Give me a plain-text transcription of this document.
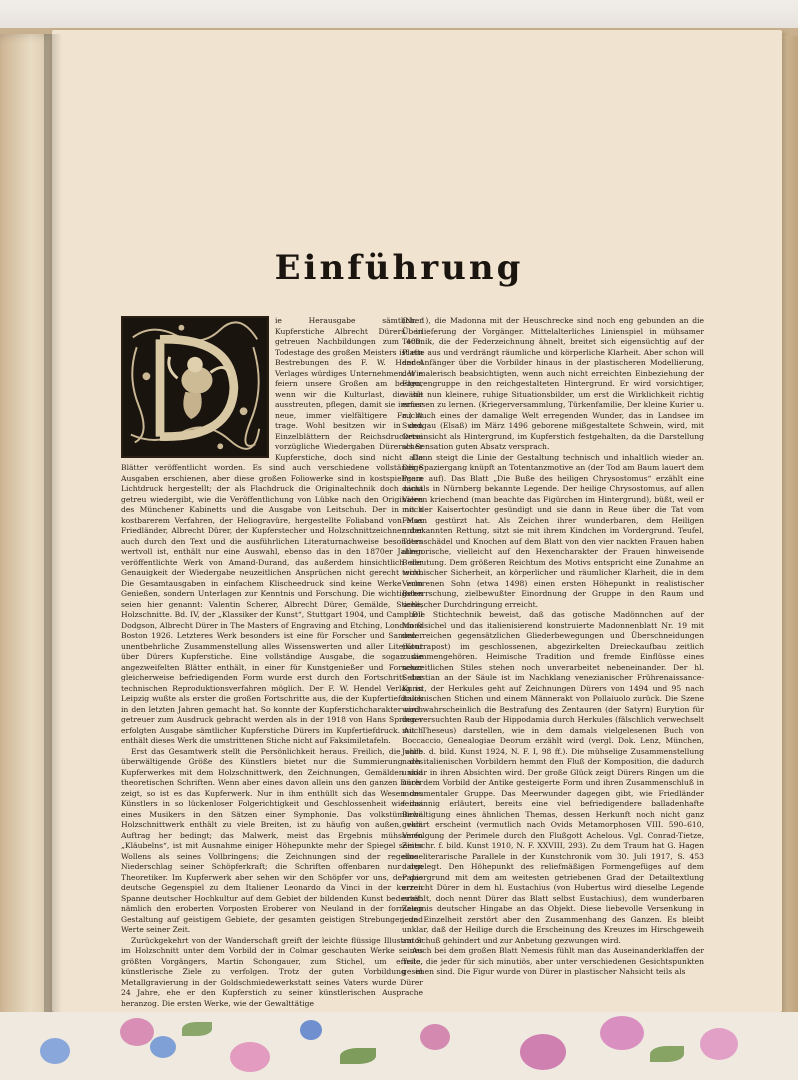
Einführung

ie Herausgabe sämtlicher Kupferstiche Albrecht Dürers in getreuen Nachbildungen zum 400. Todestage des großen Meisters ist ein Bestrebungen des F. W. Hendel Verlages würdiges Unternehmen. Wie feiern unsere Großen am besten, wenn wir die Kulturlast, die sie ausstreuten, pflegen, damit sie immer neue, immer vielfältigere Frucht trage. Wohl besitzen wir in den Einzelblättern der Reichsdruckerei vorzügliche Wiedergaben Dürerscher Kupferstiche, doch sind nicht alle Blätter veröffentlicht worden. Es sind auch verschiedene vollständige Ausgaben erschienen, aber diese großen Foliowerke sind in kostspieligem Lichtdruck hergestellt; der als Flachdruck die Originaltechnik doch nicht getreu wiedergibt, wie die Veröffentlichung von Lübke nach den Originalen des Münchener Kabinetts und die Ausgabe von Leitschuh. Der in noch kostbarerem Verfahren, der Heliogravüre, hergestellte Foliaband von Max Friedländer, Albrecht Dürer, der Kupferstecher und Holzschnittzeichner, der auch durch den Text und die ausführlichen Literaturnachweise besonders wertvoll ist, enthält nur eine Auswahl, ebenso das in den 1870er Jahren veröffentlichte Werk von Amand-Durand, das außerdem hinsichtlich der Genauigkeit der Wiedergabe neuzeitlichen Ansprüchen nicht gerecht wird. Die Gesamtausgaben in einfachem Klischeedruck sind keine Werke zum Genießen, sondern Unterlagen zur Kenntnis und Forschung. Die wichtigsten seien hier genannt: Valentin Scherer, Albrecht Dürer, Gemälde, Stiche, Holzschnitte. Bd. IV, der „Klassiker der Kunst“, Stuttgart 1904, und Campbell Dodgson, Albrecht Dürer in The Masters of Engraving and Etching, London & Boston 1926. Letzteres Werk besonders ist eine für Forscher und Sammler unentbehrliche Zusammenstellung alles Wissenswerten und aller Literatur über Dürers Kupferstiche. Eine vollständige Ausgabe, die sogar die angezweifelten Blätter enthält, in einer für Kunstgenießer und Forscher gleicherweise befriedigenden Form wurde erst durch den Fortschritt der technischen Reproduktionsverfahren möglich. Der F. W. Hendel Verlag in Leipzig wußte als erster die großen Fortschritte aus, die der Kupfertiefdruck in den letzten Jahren gemacht hat. So konnte der Kupferstichcharakter noch getreuer zum Ausdruck gebracht werden als in der 1918 von Hans Springer erfolgten Ausgabe sämtlicher Kupferstiche Dürers im Kupfertiefdruck. Auch enthält dieses Werk die umstrittenen Stiche nicht auf Faksimiletafeln.

Erst das Gesamtwerk stellt die Persönlichkeit heraus. Freilich, die volle überwältigende Größe des Künstlers bietet nur die Summierung des Kupferwerkes mit dem Holzschnittwerk, den Zeichnungen, Gemälden und theoretischen Schriften. Wenn aber eines davon allein uns den ganzen Dürer zeigt, so ist es das Kupferwerk. Nur in ihm enthüllt sich das Wesen des Künstlers in so lückenloser Folgerichtigkeit und Geschlossenheit wie das eines Musikers in den Sätzen einer Symphonie. Das volkstümliche Holzschnittwerk enthält zu viele Breiten, ist zu häufig von außen, vom Auftrag her bedingt; das Malwerk, meist das Ergebnis mühsamen „Kläubelns“, ist mit Ausnahme einiger Höhepunkte mehr der Spiegel seines Wollens als seines Vollbringens; die Zeichnungen sind der regellose Niederschlag seiner Schöpferkraft; die Schriften offenbaren nur den Theoretiker. Im Kupferwerk aber sehen wir den Schöpfer vor uns, der das deutsche Gegenspiel zu dem Italiener Leonardo da Vinci in der kurzen Spanne deutscher Hochkultur auf dem Gebiet der bildenden Kunst bedeutet: nämlich den eroberten Vorposten Eroberer von Neuland in der formalen Gestaltung auf geistigem Gebiete, der gesamten geistigen Strebungen und Werte seiner Zeit.

Zurückgekehrt von der Wanderschaft greift der leichte flüssige Illustrator im Holzschnitt unter dem Vorbild der in Colmar geschauten Werke seines größten Vorgängers, Martin Schongauer, zum Stichel, um ernste, künstlerische Ziele zu verfolgen. Trotz der guten Vorbildung in Metallgravierung in der Goldschmiedewerkstatt seines Vaters wurde Dürer 24 Jahre, ehe er den Kupferstich zu seiner künstlerischen Ausprache heranzog. Die ersten Werke, wie der Gewalttätige

(Nr. 1), die Madonna mit der Heuschrecke sind noch eng gebunden an die Überlieferung der Vorgänger. Mittelalterliches Linienspiel in mühsamer Technik, die der Federzeichnung ähnelt, breitet sich eigensüchtig auf der Platte aus und verdrängt räumliche und körperliche Klarheit. Aber schon will der Anfänger über die Vorbilder hinaus in der plastischeren Modellierung, der malerisch beabsichtigten, wenn auch nicht erreichten Einbeziehung der Figurengruppe in den reichgestalteten Hintergrund. Er wird vorsichtiger, wählt nun kleinere, ruhige Situationsbilder, um erst die Wirklichkeit richtig erfassen zu lernen. (Kriegerversammlung, Türkenfamilie, Der kleine Kurier u. a.) Auch eines der damalige Welt erregenden Wunder, das in Landsee im Sundgau (Elsaß) im März 1496 geborene mißgestaltete Schwein, wird, mit Ortsansicht als Hintergrund, im Kupferstich festgehalten, da die Darstellung als Sensation guten Absatz versprach.

Dann steigt die Linie der Gestaltung technisch und inhaltlich wieder an. Der Spaziergang knüpft an Totentanzmotive an (der Tod am Baum lauert dem Paare auf). Das Blatt „Die Buße des heiligen Chrysostomus“ erzählt eine damals in Nürnberg bekannte Legende. Der heilige Chrysostomus, auf allen Vieren kriechend (man beachte das Figürchen im Hintergrund), büßt, weil er mit der Kaisertochter gesündigt und sie dann in Reue über die Tat vom Felsen gestürzt hat. Als Zeichen ihrer wunderbaren, dem Heiligen unbekannten Rettung, sitzt sie mit ihrem Kindchen im Vordergrund. Teufel, Totenschädel und Knochen auf dem Blatt von den vier nackten Frauen haben allegorische, vielleicht auf den Hexencharakter der Frauen hinweisende Bedeutung. Dem größeren Reichtum des Motivs entspricht eine Zunahme an technischer Sicherheit, an körperlicher und räumlicher Klarheit, die in dem Verlorenen Sohn (etwa 1498) einen ersten Höhepunkt in realistischer Beherrschung, zielbewußter Einordnung der Gruppe in den Raum und seelischer Durchdringung erreicht.

Die Stichtechnik beweist, daß das gotische Madönnchen auf der Mondsichel und das italienisierend konstruierte Madonnenblatt Nr. 19 mit den reichen gegensätzlichen Gliederbewegungen und Überschneidungen (Kontrapost) im geschlossenen, abgezirkelten Dreieckaufbau zeitlich zusammengehören. Heimische Tradition und fremde Einflüsse eines neuzeitlichen Stiles stehen noch unverarbeitet nebeneinander. Der hl. Sebastian an der Säule ist im Nachklang venezianischer Frührenaissance-Kunst, der Herkules geht auf Zeichnungen Dürers von 1494 und 95 nach italienischen Stichen und einem Männerakt von Pollaiuolo zurück. Die Szene wird wahrscheinlich die Bestrafung des Zentauren (der Satyrn) Eurytion für den versuchten Raub der Hippodamia durch Herkules (fälschlich verwechselt mit Theseus) darstellen, wie in dem damals vielgelesenen Buch von Boccaccio, Genealogiae Deorum erzählt wird (vergl. Dok. Lenz, München, Jahrb. d. bild. Kunst 1924, N. F. I, 98 ff.). Die mühselige Zusammenstellung nach italienischen Vorbildern hemmt den Fluß der Komposition, die dadurch unklar in ihren Absichten wird. Der große Glück zeigt Dürers Ringen um die nach dem Vorbild der Antike gesteigerte Form und ihren Zusammenschluß in monumentaler Gruppe. Das Meerwunder dagegen gibt, wie Friedländer feinsinnig erläutert, bereits eine viel befriedigendere balladenhafte Bewältigung eines ähnlichen Themas, dessen Herkunft noch nicht ganz geklärt erscheint (vermutlich nach Ovids Metamorphosen VIII. 590–610, Verfolgung der Perimele durch den Flußgott Achelous. Vgl. Conrad-Tietze, Zeitschr. f. bild. Kunst 1910, N. F. XXVIII, 293). Zu dem Traum hat G. Hagen eine literarische Parallele in der Kunstchronik vom 30. Juli 1917, S. 453 dargelegt. Den Höhepunkt des reliefmäßigen Formengefüges auf dem Papiergrund mit dem am weitesten getriebenen Grad der Detailtextlung erreicht Dürer in dem hl. Eustachius (von Hubertus wird dieselbe Legende erzählt, doch nennt Dürer das Blatt selbst Eustachius), dem wunderbaren Zeugnis deutscher Hingabe an das Objekt. Diese liebevolle Versenkung in jede Einzelheit zerstört aber den Zusammenhang des Ganzen. Es bleibt unklar, daß der Heilige durch die Erscheinung des Kreuzes im Hirschgeweih am Schuß gehindert und zur Anbetung gezwungen wird.

Auch bei dem großen Blatt Nemesis fühlt man das Auseinanderklaffen der Teile, die jeder für sich minutiös, aber unter verschiedenen Gesichtspunkten gesehen sind. Die Figur wurde von Dürer in plastischer Nahsicht teils als
